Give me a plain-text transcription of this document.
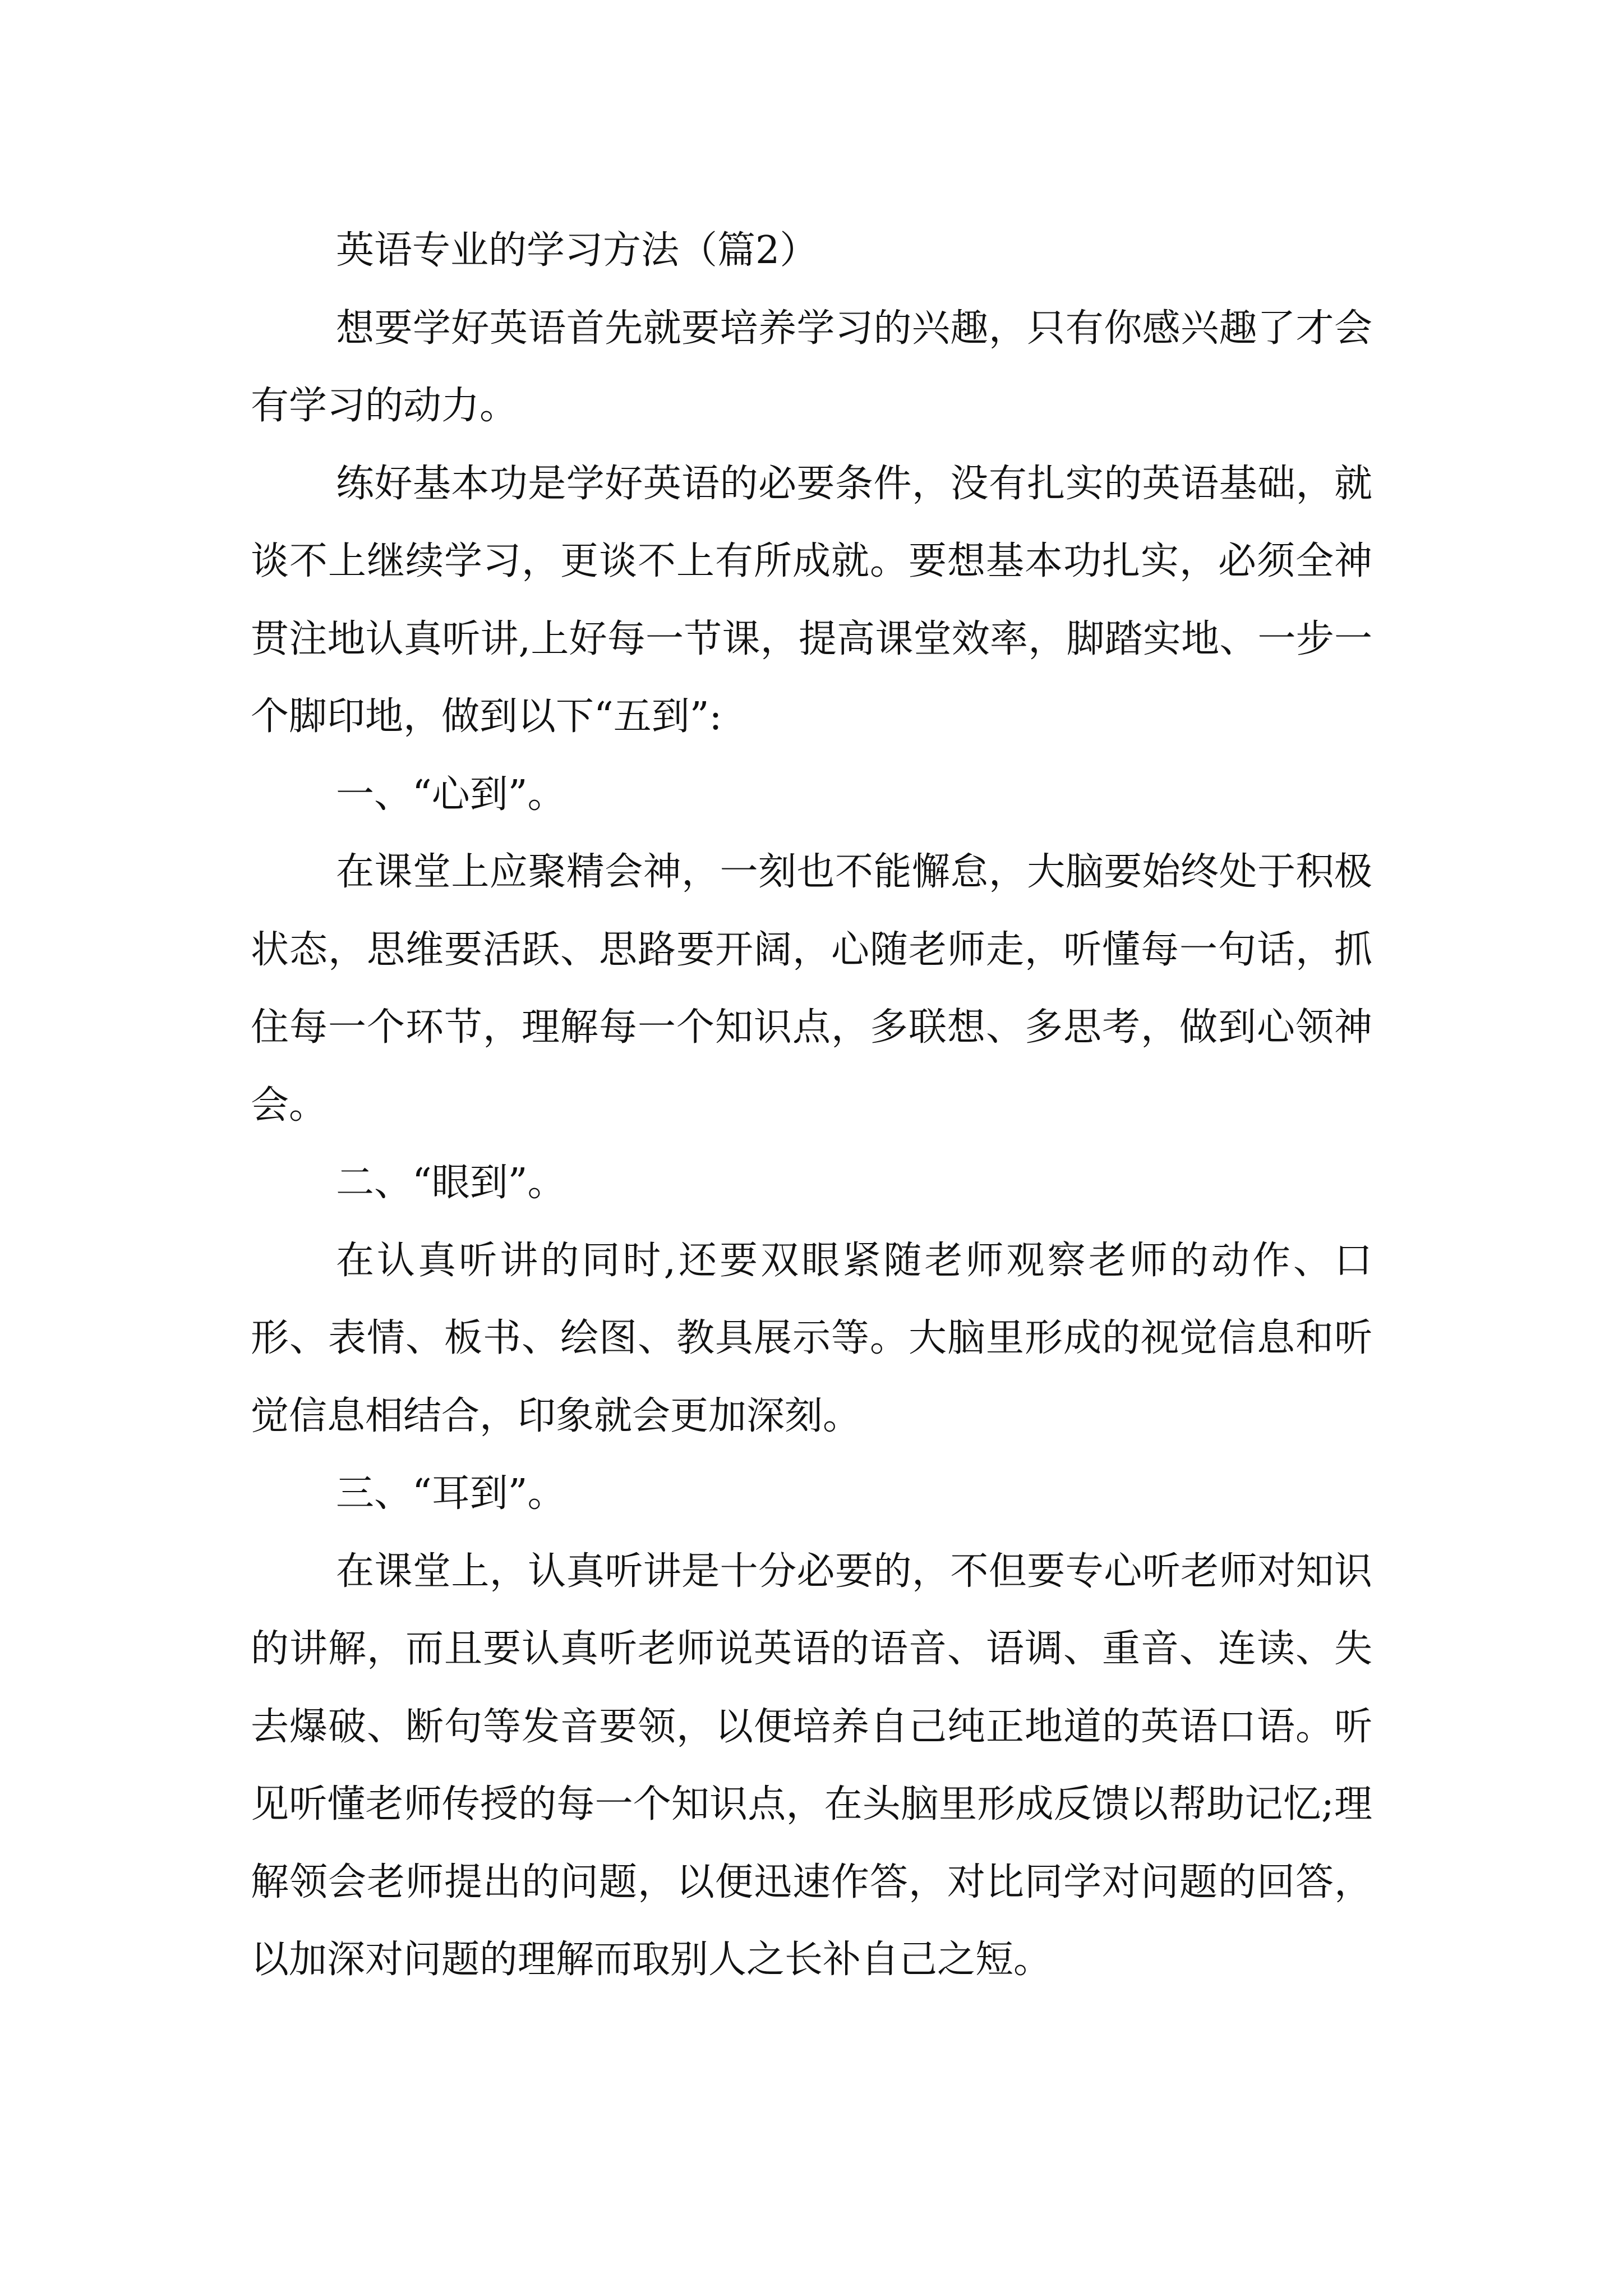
英语专业的学习方法（篇2）

想要学好英语首先就要培养学习的兴趣，只有你感兴趣了才会有学习的动力。

练好基本功是学好英语的必要条件，没有扎实的英语基础，就谈不上继续学习，更谈不上有所成就。要想基本功扎实，必须全神贯注地认真听讲,上好每一节课，提高课堂效率，脚踏实地、一步一个脚印地，做到以下“五到”:

一、“心到”。

在课堂上应聚精会神，一刻也不能懈怠，大脑要始终处于积极状态，思维要活跃、思路要开阔，心随老师走，听懂每一句话，抓住每一个环节，理解每一个知识点，多联想、多思考，做到心领神会。

二、“眼到”。

在认真听讲的同时,还要双眼紧随老师观察老师的动作、口形、表情、板书、绘图、教具展示等。大脑里形成的视觉信息和听觉信息相结合，印象就会更加深刻。

三、“耳到”。

在课堂上，认真听讲是十分必要的，不但要专心听老师对知识的讲解，而且要认真听老师说英语的语音、语调、重音、连读、失去爆破、断句等发音要领，以便培养自己纯正地道的英语口语。听见听懂老师传授的每一个知识点，在头脑里形成反馈以帮助记忆;理解领会老师提出的问题，以便迅速作答，对比同学对问题的回答，以加深对问题的理解而取别人之长补自己之短。
